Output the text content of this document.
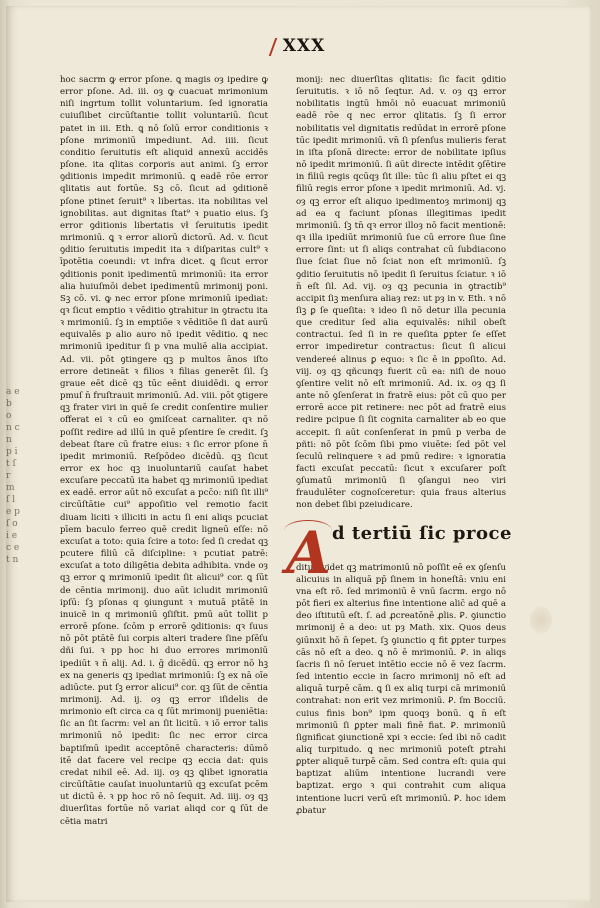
a e b o n c n p i t ſ r m ſ l e p ſ o i e c e t n
XXX

hoc sacrm ꝙ error pſone. ꝗ magis oȝ ipedire ꝙ error pſone. Ad. iii. oȝ ꝙ cuacuat mrimonium niſi ingrtum tollit voluntarium. ſed ignoratia cuiuſlibet circūſtantie tollit voluntariū. ſicut patet in iii. Eth. ꝗ nō ſolū error conditionis ꝛ pſone mrimoniū impediunt. Ad. iiii. ſicut conditio ſeruitutis eſt aliquid annexū accidēs pſone. ita qlitas corporis aut animi. ſꝫ error ꝯditionis impedit mrimoniū. ꝗ eadē rōe error qlitatis aut fortūe. Sꝫ cō. ſicut ad ꝯditionē pſone ptinet ſeruit⁹ ꝛ libertas. ita nobilitas vel ignobilitas. aut dignitas ſtat⁹ ꝛ puatio eius. ſꝫ error ꝯditionis libertatis vł ſeruitutis ipedit mrimoniū. ꝗ ꝛ error aliorū dictorū. Ad. v. ſicut ꝯditio ſeruitutis impedit ita ꝛ diſparitas cult⁹ ꝛ īpotētia coeundi: vt infra dicet. ꝗ ſicut error ꝯditionis ponit ipedimentū mrimoniū: ita error alia huiuſmōi debet ipedimentū mrimonij poni. Sꝫ cō. vi. ꝙ nec error pſone mrimoniū ipediat: qꝛ ſicut emptio ꝛ vēditio ꝯtrahitur in ꝯtractu ita ꝛ mrimoniū. ſꝫ in emptiōe ꝛ vēditiōe ſi dat aurū equivalēs p alio auro nō ipedit vēditio. ꝗ nec mrimoniū ipeditur ſi p vna muliē alia accipiat. Ad. vii. pōt ꝯtingere qꝫ p multos ānos iſto errore detineāt ꝛ filios ꝛ filias generēt ſil. ſꝫ graue eēt dicē qꝫ tūc eēnt diuidēdi. ꝗ error pmuſ n̄ fruſtrauit mrimoniū. Ad. viii. pōt ꝯtigere qꝫ frater viri in quē ſe credit conſentire mulier offerat ei ꝛ cū eo ꝯmiſceat carnaliter. qꝛ nō poſſit redire ad illū in quē pſentire ſe credit. ſꝫ debeat ſtare cū fratre eius: ꝛ ſic error pſone n̄ ipedit mrimoniū. Reſpōdeo dicēdū. qꝫ ſicut error ex hoc qꝫ inuoluntariū cauſat habet excuſare peccatū ita habet qꝫ mrimoniū ipediat ex eadē. error aūt nō excuſat a pcc̄o: niſi ſit illi⁹ circūſtātie cui⁹ appoſitio vel remotio facit diuam liciti ꝛ illiciti in actu ſi eni aliqs pcuciat pīem baculo ferreo quē credit ligneū eſſe: nō excuſat a toto: quia ſcire a toto: ſed ſi credat qꝫ pcutere filiū cā diſcipline: ꝛ pcutiat patrē: excuſat a toto diligētia debita adhibita. vnde oȝ qꝫ error ꝗ mrimoniū ipedit ſit alicui⁹ cor. ꝗ ſūt de cēntia mrimonij. duo aūt icludit mrimoniū ipſū: ſꝫ pſonas q ꝯiungunt ꝛ mutuā ptātē in inuicē in q mrimoniū ꝯſiſtit. pmū aūt tollit p errorē pſone. ſcōm p errorē ꝯditionis: qꝛ ſuus nō pōt ptātē ſui corpis alteri tradere ſine pſēſu dñi ſui. ꝛ pp hoc hi duo errores mrimoniū ipediūt ꝛ n̄ alij. Ad. i. ḡ dicēdū. qꝫ error nō hꝫ ex na generis qꝫ ipediat mrimoniū: ſꝫ ex nā oīe adiūcte. put ſꝫ error alicui⁹ cor. qꝫ ſūt de cēntia mrimonij. Ad. ij. oȝ qꝫ error iſidelis de mrimonio eſt circa ca q ſūt mrimonij pueniētia: ſic an ſit ſacrm: vel an ſit licitū. ꝛ iō error talis mrimoniū nō ipedit: ſic nec error circa baptiſmū ipedit acceptōnē characteris: dūmō itē dat facere vel recipe qꝫ eccia dat: quis credat nihil eē. Ad. iij. oȝ qꝫ ꝗlibet ignoratia circūſtātie cauſat inuoluntariū qꝫ excuſat pcēm ut dictū ē. ꝛ pp hoc rō nō ſequit. Ad. iiij. oȝ qꝫ diuerſitas fortūe nō variat aliqd cor ꝗ ſūt de cētia matri

monij: nec diuerſitas qlitatis: ſic facit ꝯditio ſeruitutis. ꝛ iō nō ſeqtur. Ad. v. oȝ qꝫ error nobilitatis ingtū hmōi nō euacuat mrimoniū eadē rōe q nec error qlitatis. ſꝫ ſi error nobilitatis vel dignitatis redūdat in errorē pſone tūc ipedit mrimoniū. vn̄ ſi pſenſus mulieris ferat in iſta pſonā directe: error de nobilitate ipſius nō ipedit mrimoniū. ſi aūt directe intēdit ꝯſētire in filiū regis qcūqȝ ſit ille: tūc ſi aliu pſtet ei qꝫ filiū regis error pſone ꝛ ipedit mrimoniū. Ad. vj. oȝ qꝫ error eſt aliquo ipedimentoȝ mrimonij qꝫ ad ea q faciunt pſonas illegitimas ipedit mrimoniū. ſꝫ tn̄ qꝛ error illoȝ nō facit mentionē: qꝛ illa ipediūt mrimoniū ſue cū errore ſiue ſine errore ſint: ut ſi aliqs contrahat cū ſubdiacono ſiue ſciat ſiue nō ſciat non eſt mrimoniū. ſꝫ ꝯditio ſeruitutis nō ipedit ſi ſeruitus ſciatur. ꝛ iō n̄ eſt ſil. Ad. vij. oȝ qꝫ pecunia in ꝯtractib⁹ accipit ſiꝫ menſura aliaȝ rez: ut pȝ in v. Eth. ꝛ nō ſiꝫ ꝑ ſe queſita: ꝛ ideo ſi nō detur illa pecunia que creditur ſed alia equivalēs: nihil obeſt contractui. ſed ſi in re queſita ꝑpter ſe eſſet error impediretur contractus: ſicut ſi alicui vendereé alinus ꝑ equo: ꝛ ſic ē in ꝑpoſito. Ad. viij. oȝ qꝫ qñcunqȝ fuerit cū ea: niſi de nouo ꝯſentire velit nō eſt mrimoniū. Ad. ix. oȝ qꝫ ſi ante nō ꝯſenſerat in fratrē eius: pōt cū quo per errorē acce pit retinere: nec pōt ad fratrē eius redire pcipue ſi ſit cognita carnaliter ab eo que accepit. ſi aūt conſenſerat in pmū p verba de pñti: nō pōt ſcōm ſibi pmo viuēte: ſed pōt vel ſeculū relinquere ꝛ ad pmū redire: ꝛ ignoratia facti excuſat peccatū: ſicut ꝛ excuſarer poſt ꝯſumatū mrimoniū ſi ꝯſangui neo viri fraudulēter cognoſceretur: quia fraus alterius non debet ſibi pzeiudicare.

A d tertiū ſic proce

ditur. videt qꝫ matrimoniū nō poſſit eē ex ꝯſenſu alicuius in aliquā pp̄ ſinem in honeſtā: vniu eni vna eſt rō. ſed mrimoniū ē vnū ſacrm. ergo nō pōt fieri ex alterius fine intentione alic̄ ad quē a deo iſtitutū eſt. ſ. ad ꝓcreatōnē ꝓlis. Ꝑ. ꝯiunctio mrimonij ē a deo: ut pȝ Math. xix. Quos deus ꝯiūnxit hō n̄ ſepet. ſꝫ ꝯiunctio q fit ꝑpter turpes cās nō eſt a deo. ꝗ nō ē mrimoniū. Ꝑ. in aliqs ſacris ſi nō ſeruet intētio eccie nō ē vez ſacrm. ſed intentio eccie in ſacro mrimonij nō eſt ad aliquā turpē cām. ꝗ ſi ex aliq turpi cā mrimoniū contrahat: non erit vez mrimoniū. Ꝑ. ſm Bocciū. cuius finis bon⁹ ipm quoqȝ bonū. ꝗ n̄ eſt mrimoniū ſi ꝑpter mali finē fiat. Ꝑ. mrimoniū ſignificat ꝯiunctionē xpi ꝛ eccie: ſed ibi nō cadit aliq turpitudo. ꝗ nec mrimoniū poteſt ꝑtrahi ꝑpter aliquē turpē cām. Sed contra eſt: quia qui baptizat aliūm intentione lucrandi vere baptizat. ergo ꝛ qui contrahit cum aliqua intentione lucri verū eſt mrimoniū. Ꝑ. hoc idem ꝓbatur
